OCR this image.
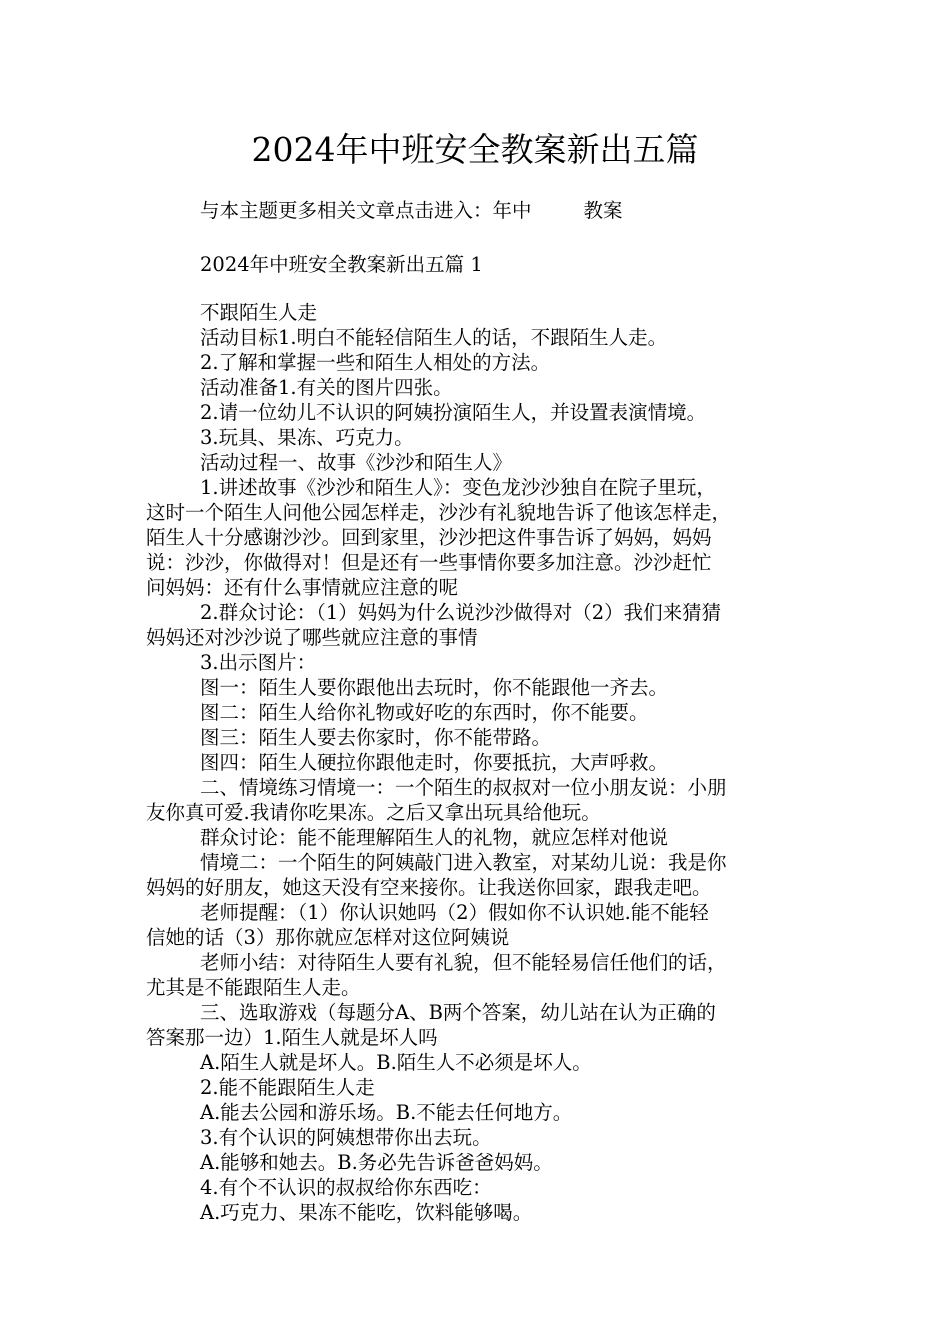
2024年中班安全教案新出五篇
与本主题更多相关文章点击进入：年中	教案
2024年中班安全教案新出五篇 1
不跟陌生人走
活动目标1.明白不能轻信陌生人的话，不跟陌生人走。
2.了解和掌握一些和陌生人相处的方法。
活动准备1.有关的图片四张。
2.请一位幼儿不认识的阿姨扮演陌生人，并设置表演情境。
3.玩具、果冻、巧克力。
活动过程一、故事《沙沙和陌生人》
1.讲述故事《沙沙和陌生人》：变色龙沙沙独自在院子里玩，
这时一个陌生人问他公园怎样走，沙沙有礼貌地告诉了他该怎样走，
陌生人十分感谢沙沙。回到家里，沙沙把这件事告诉了妈妈，妈妈
说：沙沙，你做得对！但是还有一些事情你要多加注意。沙沙赶忙
问妈妈：还有什么事情就应注意的呢
2.群众讨论：（1）妈妈为什么说沙沙做得对（2）我们来猜猜
妈妈还对沙沙说了哪些就应注意的事情
3.出示图片：
图一：陌生人要你跟他出去玩时，你不能跟他一齐去。
图二：陌生人给你礼物或好吃的东西时，你不能要。
图三：陌生人要去你家时，你不能带路。
图四：陌生人硬拉你跟他走时，你要抵抗，大声呼救。
二、情境练习情境一：一个陌生的叔叔对一位小朋友说：小朋
友你真可爱.我请你吃果冻。之后又拿出玩具给他玩。
群众讨论：能不能理解陌生人的礼物，就应怎样对他说
情境二：一个陌生的阿姨敲门进入教室，对某幼儿说：我是你
妈妈的好朋友，她这天没有空来接你。让我送你回家，跟我走吧。
老师提醒：（1）你认识她吗（2）假如你不认识她.能不能轻
信她的话（3）那你就应怎样对这位阿姨说
老师小结：对待陌生人要有礼貌，但不能轻易信任他们的话，
尤其是不能跟陌生人走。
三、选取游戏（每题分A、B两个答案，幼儿站在认为正确的
答案那一边）1.陌生人就是坏人吗
A.陌生人就是坏人。B.陌生人不必须是坏人。
2.能不能跟陌生人走
A.能去公园和游乐场。B.不能去任何地方。
3.有个认识的阿姨想带你出去玩。
A.能够和她去。B.务必先告诉爸爸妈妈。
4.有个不认识的叔叔给你东西吃：
A.巧克力、果冻不能吃，饮料能够喝。
